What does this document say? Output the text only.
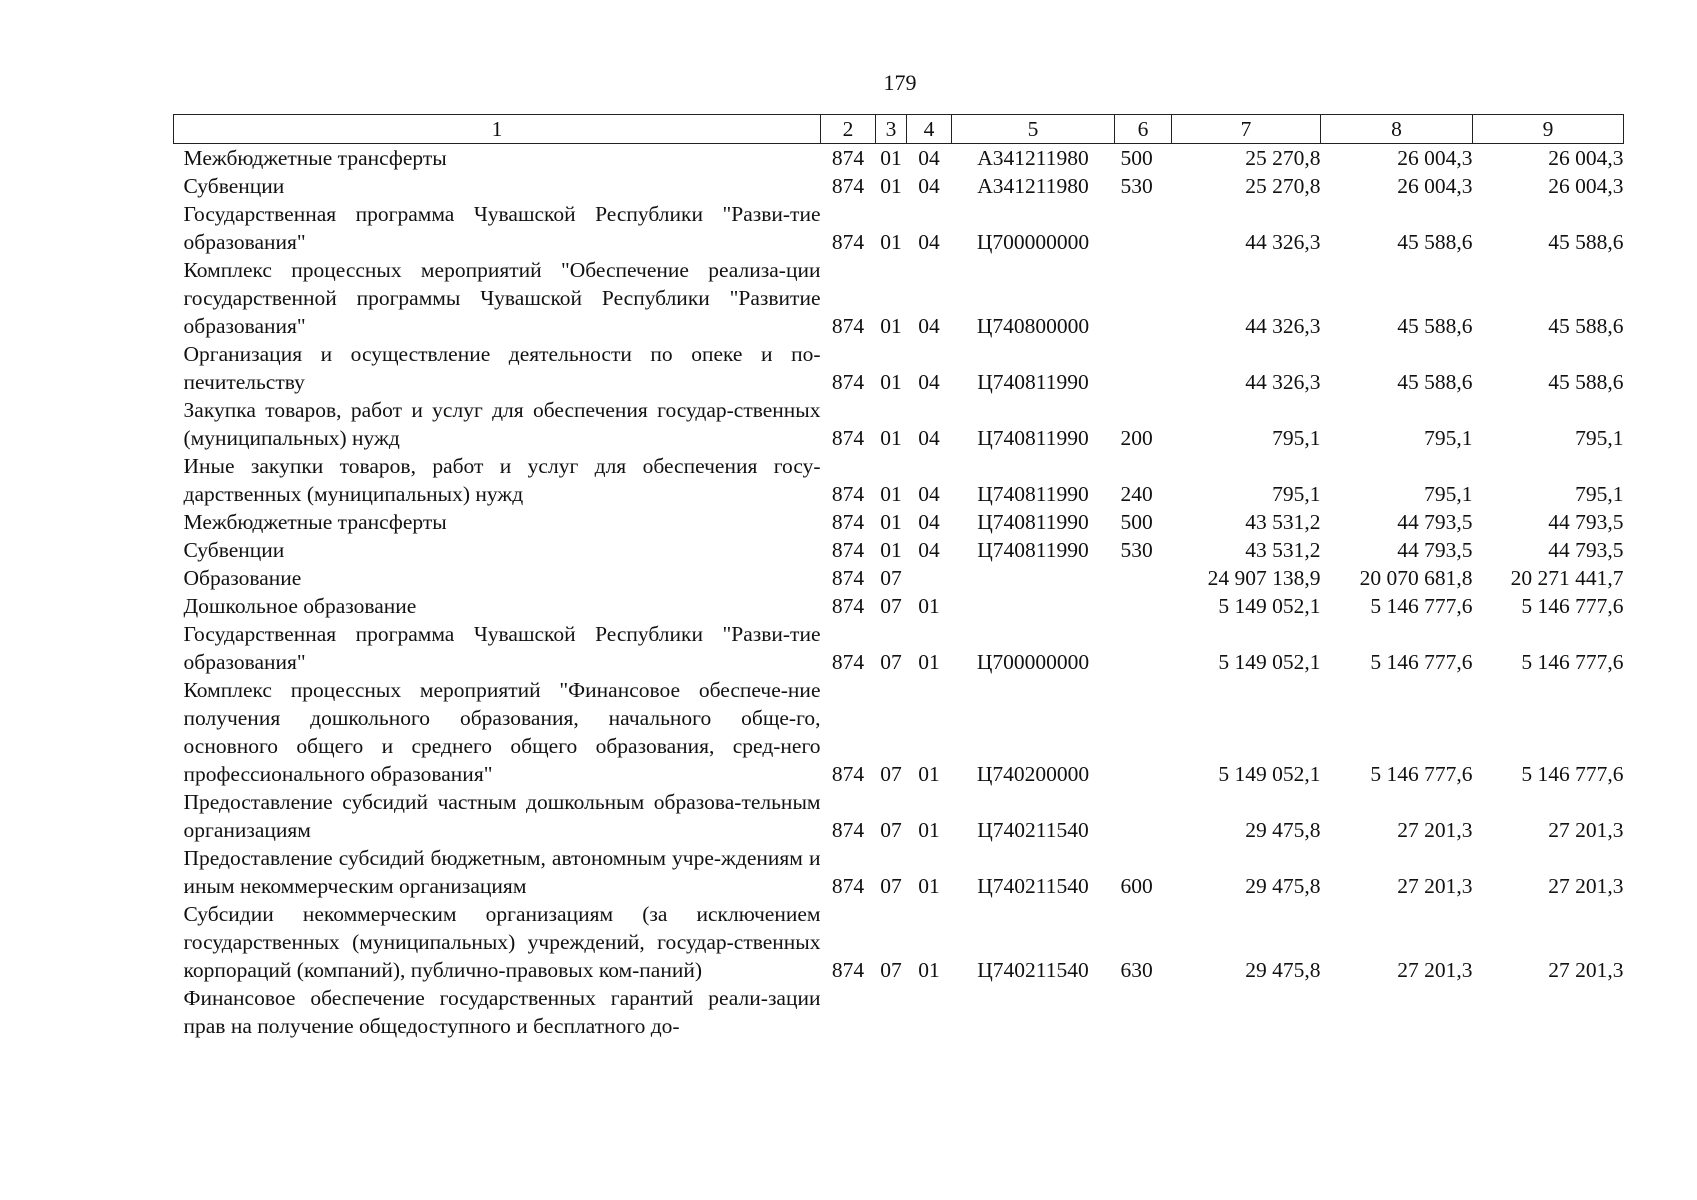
179
1	2	3	4	5	6	7	8	9

Межбюджетные трансферты	874	01	04	А341211980	500	25 270,8	26 004,3	26 004,3

Субвенции	874	01	04	А341211980	530	25 270,8	26 004,3	26 004,3

Государственная программа Чувашской Республики "Разви-тие образования"	874	01	04	Ц700000000		44 326,3	45 588,6	45 588,6

Комплекс процессных мероприятий "Обеспечение реализа-ции государственной программы Чувашской Республики "Развитие образования"	874	01	04	Ц740800000		44 326,3	45 588,6	45 588,6

Организация и осуществление деятельности по опеке и по-печительству	874	01	04	Ц740811990		44 326,3	45 588,6	45 588,6

Закупка товаров, работ и услуг для обеспечения государ-ственных (муниципальных) нужд	874	01	04	Ц740811990	200	795,1	795,1	795,1

Иные закупки товаров, работ и услуг для обеспечения госу-дарственных (муниципальных) нужд	874	01	04	Ц740811990	240	795,1	795,1	795,1

Межбюджетные трансферты	874	01	04	Ц740811990	500	43 531,2	44 793,5	44 793,5

Субвенции	874	01	04	Ц740811990	530	43 531,2	44 793,5	44 793,5

Образование	874	07				24 907 138,9	20 070 681,8	20 271 441,7

Дошкольное образование	874	07	01			5 149 052,1	5 146 777,6	5 146 777,6

Государственная программа Чувашской Республики "Разви-тие образования"	874	07	01	Ц700000000		5 149 052,1	5 146 777,6	5 146 777,6

Комплекс процессных мероприятий "Финансовое обеспече-ние получения дошкольного образования, начального обще-го, основного общего и среднего общего образования, сред-него профессионального образования"	874	07	01	Ц740200000		5 149 052,1	5 146 777,6	5 146 777,6

Предоставление субсидий частным дошкольным образова-тельным организациям	874	07	01	Ц740211540		29 475,8	27 201,3	27 201,3

Предоставление субсидий бюджетным, автономным учре-ждениям и иным некоммерческим организациям	874	07	01	Ц740211540	600	29 475,8	27 201,3	27 201,3

Субсидии некоммерческим организациям (за исключением государственных (муниципальных) учреждений, государ-ственных корпораций (компаний), публично-правовых ком-паний)	874	07	01	Ц740211540	630	29 475,8	27 201,3	27 201,3

Финансовое обеспечение государственных гарантий реали-зации прав на получение общедоступного и бесплатного до-								
